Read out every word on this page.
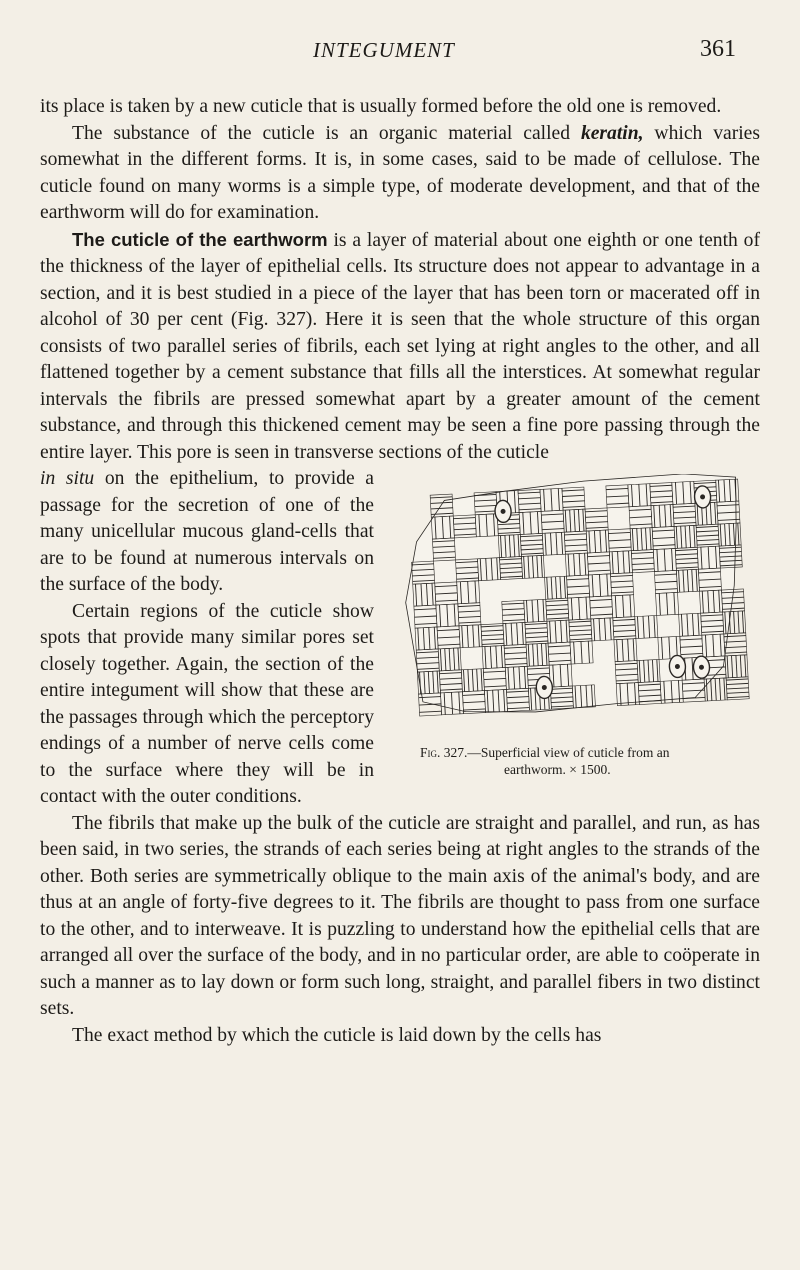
INTEGUMENT	361

its place is taken by a new cuticle that is usually formed before the old one is removed.

The substance of the cuticle is an organic material called keratin, which varies somewhat in the different forms. It is, in some cases, said to be made of cellulose. The cuticle found on many worms is a simple type, of moderate development, and that of the earthworm will do for examination.

The cuticle of the earthworm is a layer of material about one eighth or one tenth of the thickness of the layer of epithelial cells. Its structure does not appear to advantage in a section, and it is best studied in a piece of the layer that has been torn or macerated off in alcohol of 30 per cent (Fig. 327). Here it is seen that the whole structure of this organ consists of two parallel series of fibrils, each set lying at right angles to the other, and all flattened together by a cement substance that fills all the interstices. At somewhat regular intervals the fibrils are pressed somewhat apart by a greater amount of the cement substance, and through this thickened cement may be seen a fine pore passing through the entire layer. This pore is seen in transverse sections of the cuticle
Fig. 327.—Superficial view of cuticle from an
earthworm. × 1500.

in situ on the epithelium, to provide a passage for the secretion of one of the many unicellular mucous gland-cells that are to be found at numerous intervals on the surface of the body.

Certain regions of the cuticle show spots that provide many similar pores set closely together. Again, the section of the entire integument will show that these are the passages through which the perceptory endings of a number of nerve cells come to the surface where they will be in contact with the outer conditions.

The fibrils that make up the bulk of the cuticle are straight and parallel, and run, as has been said, in two series, the strands of each series being at right angles to the strands of the other. Both series are symmetrically oblique to the main axis of the animal's body, and are thus at an angle of forty-five degrees to it. The fibrils are thought to pass from one surface to the other, and to interweave. It is puzzling to understand how the epithelial cells that are arranged all over the surface of the body, and in no particular order, are able to coöperate in such a manner as to lay down or form such long, straight, and parallel fibers in two distinct sets.

The exact method by which the cuticle is laid down by the cells has
